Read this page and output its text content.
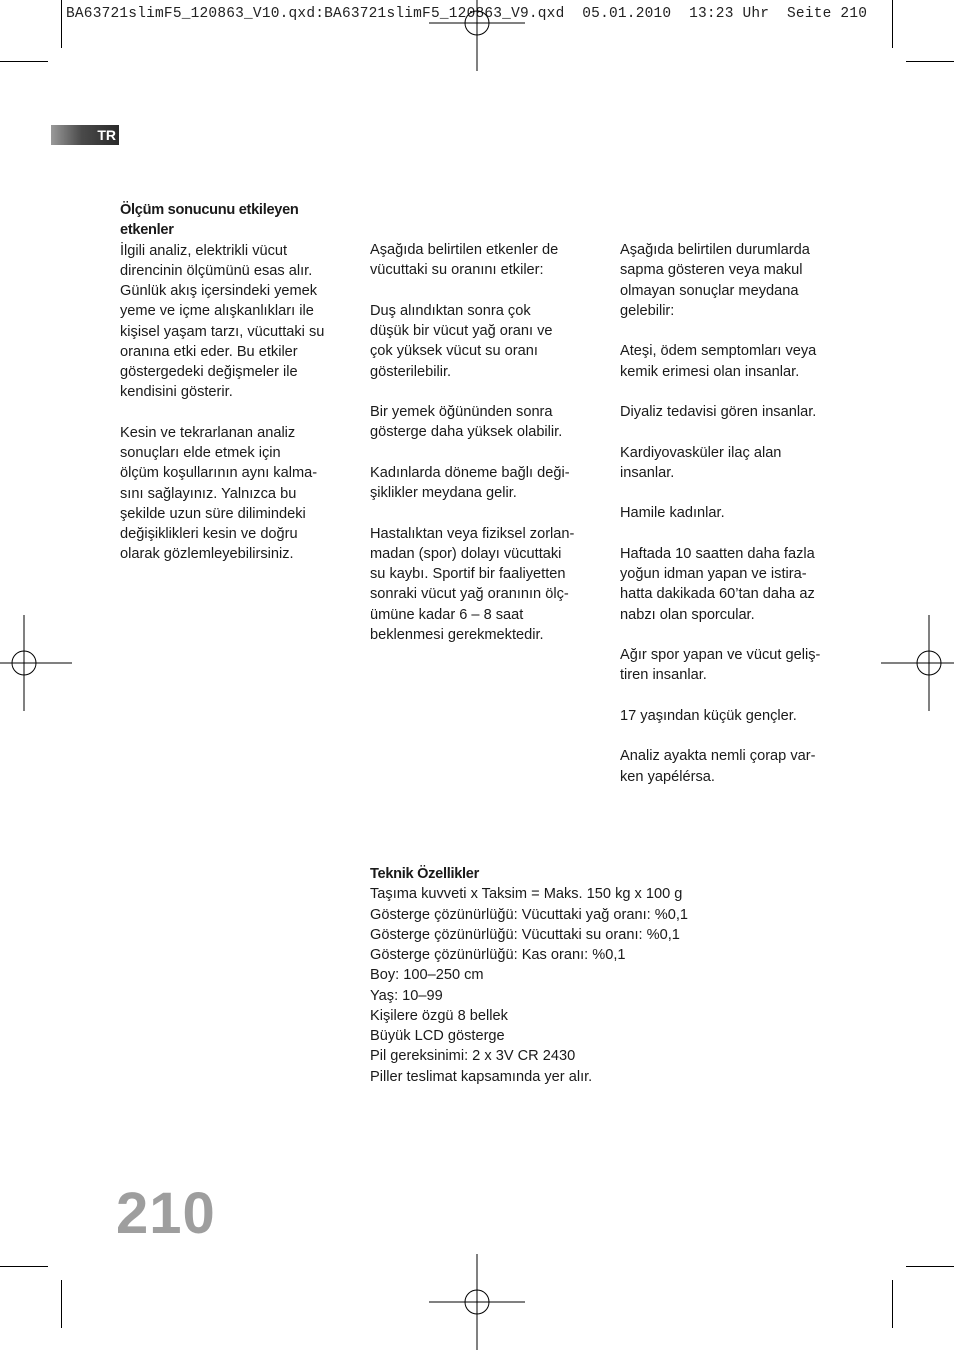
BA63721slimF5_120863_V10.qxd:BA63721slimF5_120863_V9.qxd  05.01.2010  13:23 Uhr  Seite 210
TR
Ölçüm sonucunu etkileyen
etkenler

İlgili analiz, elektrikli vücut
direncinin ölçümünü esas alır.
Günlük akış içersindeki yemek
yeme ve içme alışkanlıkları ile
kişisel yaşam tarzı, vücuttaki su
oranına etki eder. Bu etkiler
göstergedeki değişmeler ile
kendisini gösterir.

Kesin ve tekrarlanan analiz
sonuçları elde etmek için
ölçüm koşullarının aynı kalma-
sını sağlayınız. Yalnızca bu
şekilde uzun süre dilimindeki
değişiklikleri kesin ve doğru
olarak gözlemleyebilirsiniz.

Aşağıda belirtilen etkenler de
vücuttaki su oranını etkiler:

Duş alındıktan sonra çok
düşük bir vücut yağ oranı ve
çok yüksek vücut su oranı
gösterilebilir.

Bir yemek öğününden sonra
gösterge daha yüksek olabilir.

Kadınlarda döneme bağlı deği-
şiklikler meydana gelir.

Hastalıktan veya fiziksel zorlan-
madan (spor) dolayı vücuttaki
su kaybı. Sportif bir faaliyetten
sonraki vücut yağ oranının ölç-
ümüne kadar 6 – 8 saat
beklenmesi gerekmektedir.

Aşağıda belirtilen durumlarda
sapma gösteren veya makul
olmayan sonuçlar meydana
gelebilir:

Ateşi, ödem semptomları veya
kemik erimesi olan insanlar.

Diyaliz tedavisi gören insanlar.

Kardiyovasküler ilaç alan
insanlar.

Hamile kadınlar.

Haftada 10 saatten daha fazla
yoğun idman yapan ve istira-
hatta dakikada 60’tan daha az
nabzı olan sporcular.

Ağır spor yapan ve vücut geliş-
tiren insanlar.

17 yaşından küçük gençler.

Analiz ayakta nemli çorap var-
ken yapélérsa.

Teknik Özellikler
Taşıma kuvveti x Taksim = Maks. 150 kg x 100 g
Gösterge çözünürlüğü: Vücuttaki yağ oranı: %0,1
Gösterge çözünürlüğü: Vücuttaki su oranı: %0,1
Gösterge çözünürlüğü: Kas oranı: %0,1
Boy: 100–250 cm
Yaş: 10–99
Kişilere özgü 8 bellek
Büyük LCD gösterge
Pil gereksinimi: 2 x 3V CR 2430
Piller teslimat kapsamında yer alır.
210
